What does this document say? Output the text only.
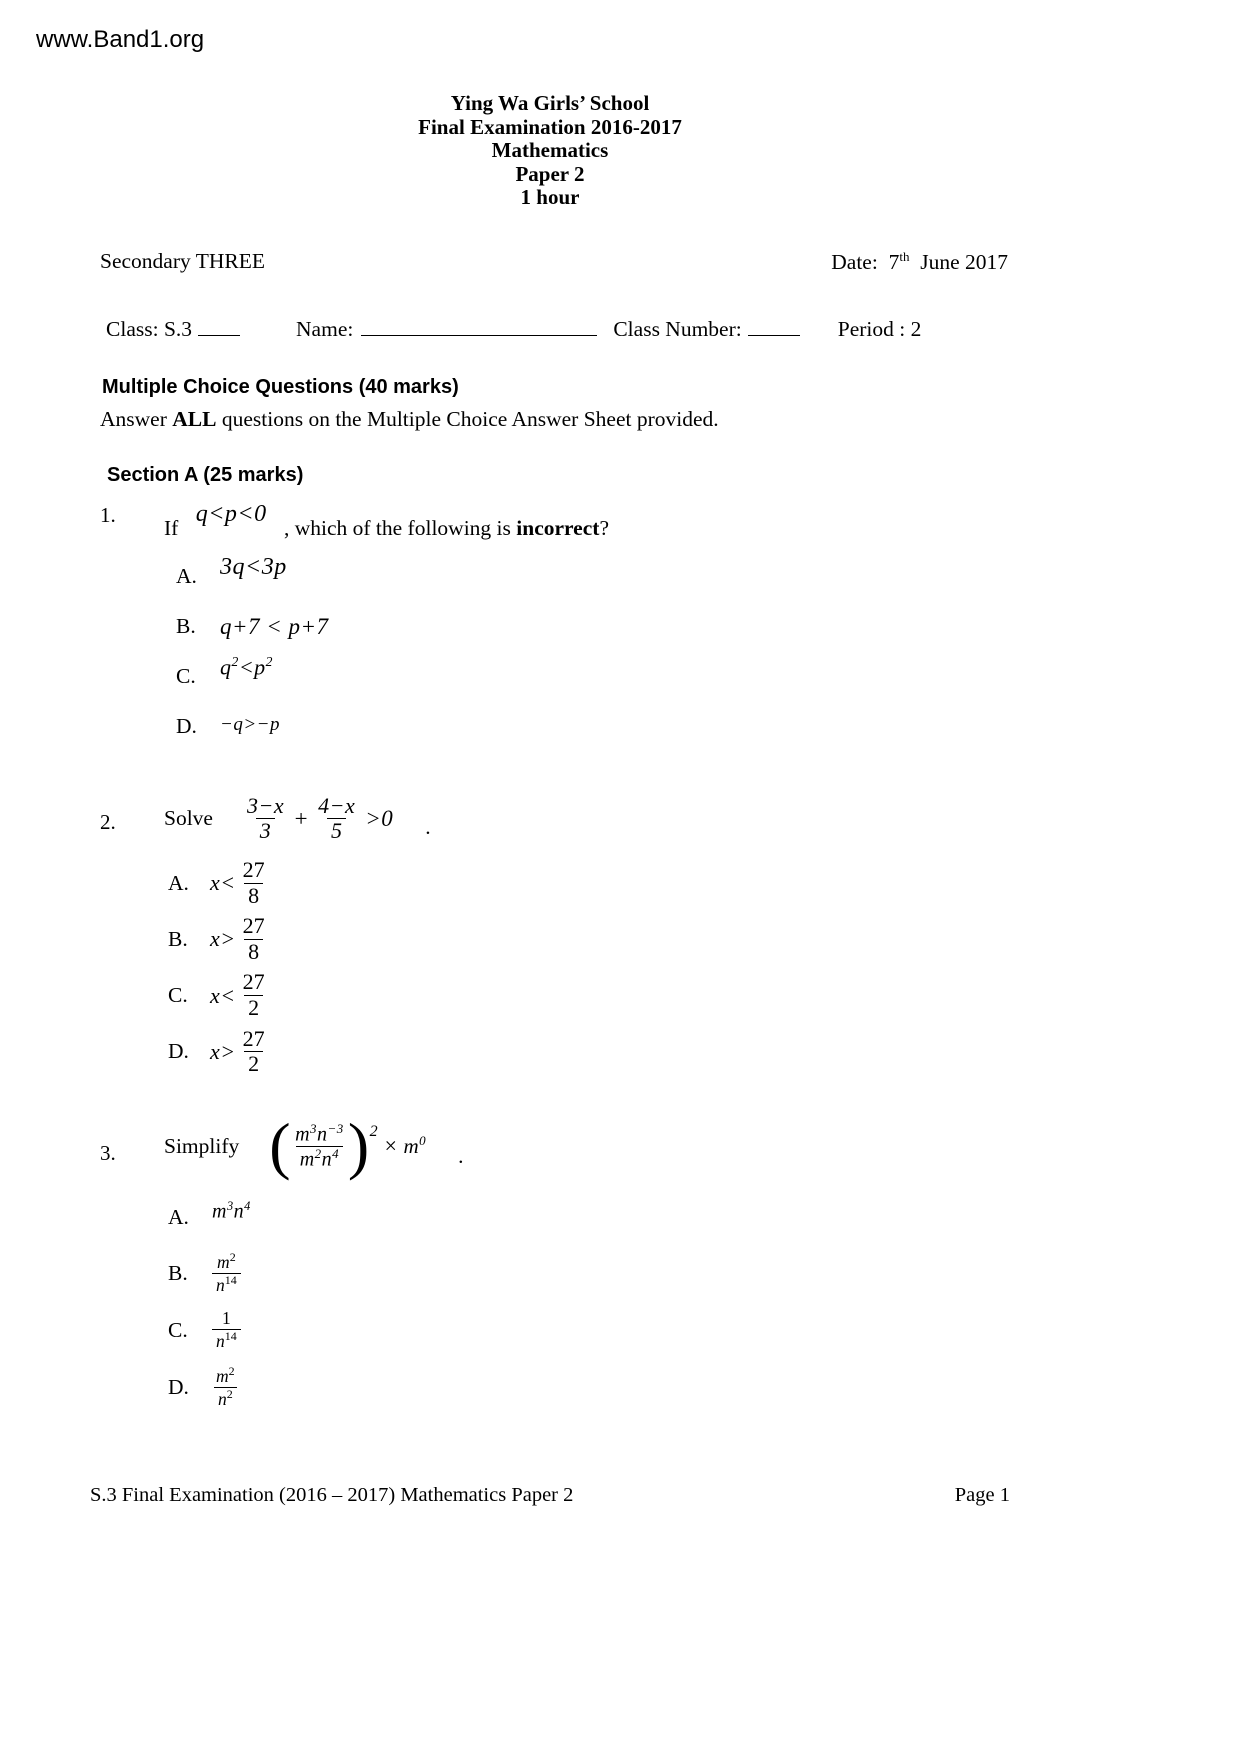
www.Band1.org
Ying Wa Girls’ School
Final Examination 2016-2017
Mathematics
Paper 2
1 hour
Secondary THREE	Date: 7th June 2017
Class: S.3	Name:	Class Number:	Period : 2
Multiple Choice Questions (40 marks)
Answer ALL questions on the Multiple Choice Answer Sheet provided.
Section A (25 marks)
1.
If q<p<0 , which of the following is incorrect?
A. 3q<3p
B.	q+7 < p+7
C.	$q^2<p^2$
D.	−q>−p
2.	Solve $\frac{3-x}{3} + \frac{4-x}{5} >0$ .
A. $x< \frac{27}{8}$
B.	$x> \frac{27}{8}$
C.	$x< \frac{27}{2}$
D. $x> \frac{27}{2}$
3.	Simplify ( $\frac{m^3n^{-3}}{m^2n^4} )^2$
× $m^0$
.
A.	$m^3n^4$
B.	$\frac{m^2}{n^{14}}$
C.	$\frac{1}{n^{14}}$
D.	$\frac{m^2}{n^2}$
S.3 Final Examination (2016 – 2017) Mathematics Paper 2	Page 1
